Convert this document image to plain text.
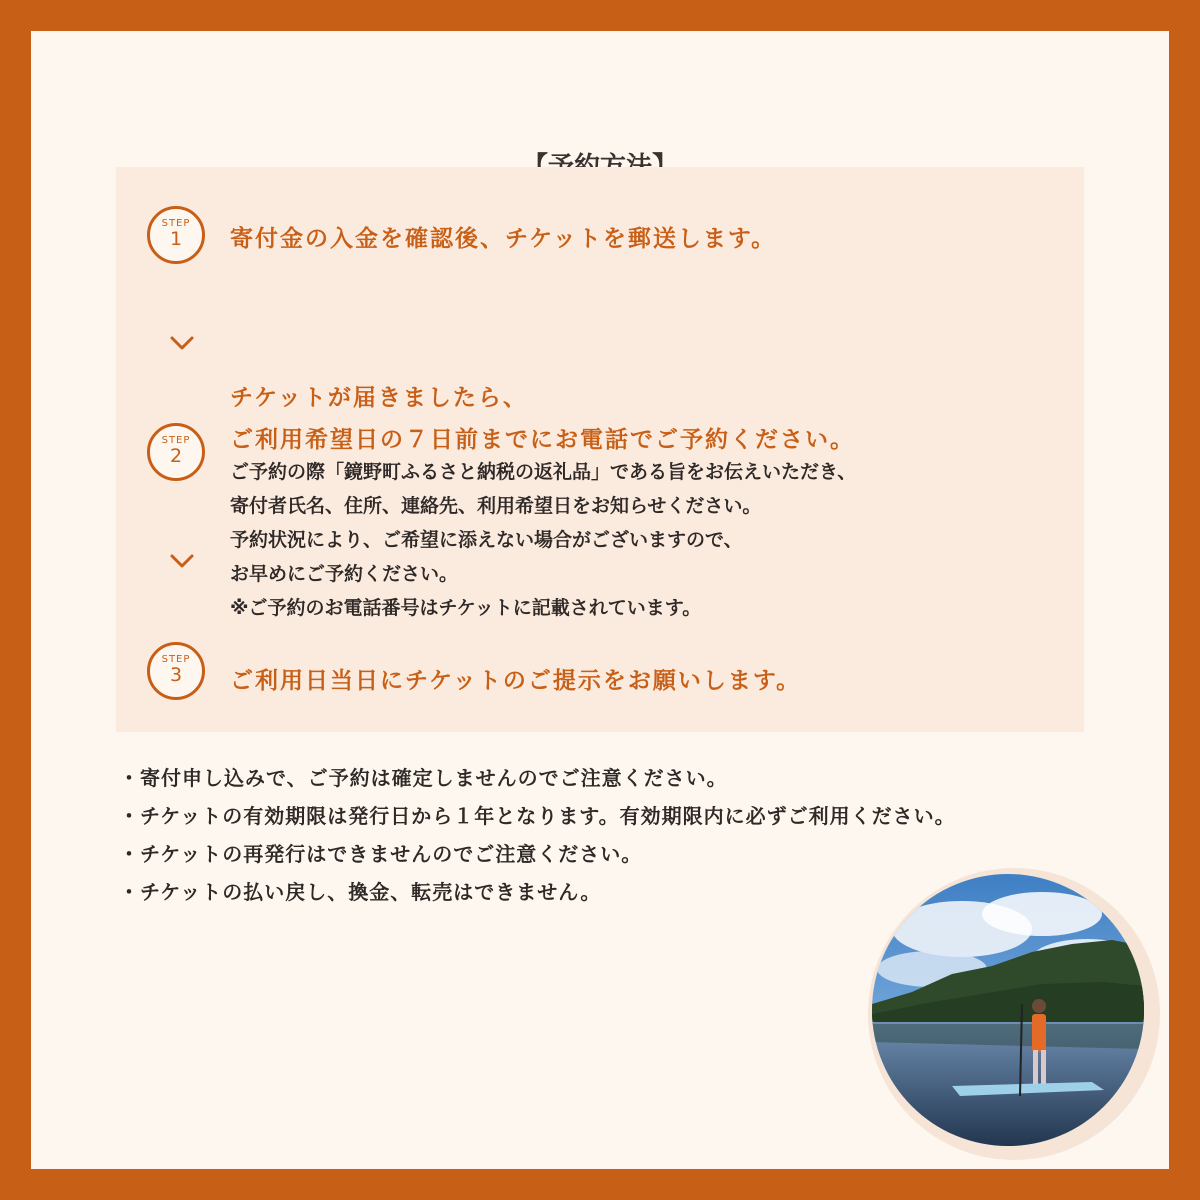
STEP
1	寄付金の入金を確認後、チケットを郵送します。

STEP
2

チケットが届きましたら、

ご利用希望日の７日前までにお電話でご予約ください。

ご予約の際「鏡野町ふるさと納税の返礼品」である旨をお伝えいただき、
寄付者氏名、住所、連絡先、利用希望日をお知らせください。
予約状況により、ご希望に添えない場合がございますので、
お早めにご予約ください。
※ご予約のお電話番号はチケットに記載されています。
STEP
3	ご利用日当日にチケットのご提示をお願いします。

・寄付申し込みで、ご予約は確定しませんのでご注意ください。
・チケットの有効期限は発行日から１年となります。有効期限内に必ずご利用ください。
・チケットの再発行はできませんのでご注意ください。
・チケットの払い戻し、換金、転売はできません。
